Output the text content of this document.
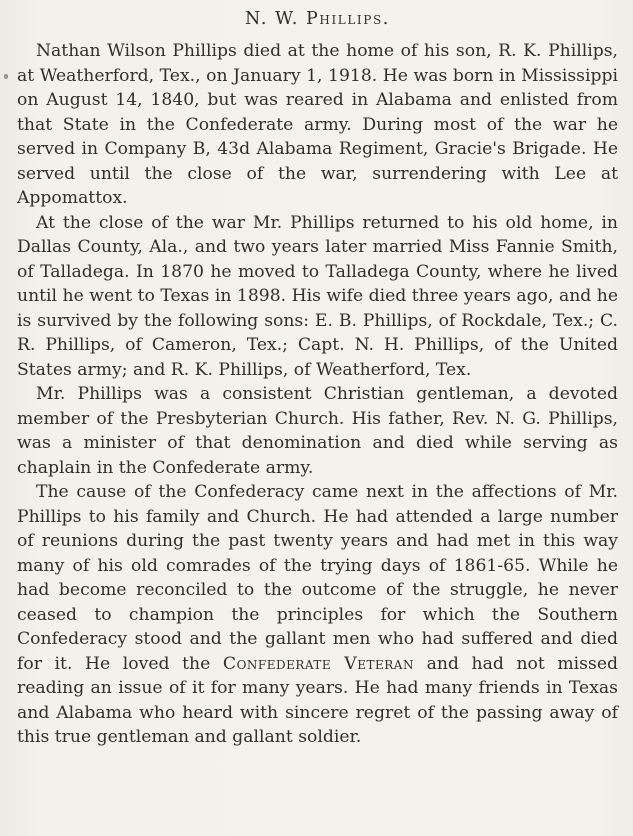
N. W. Phillips.

Nathan Wilson Phillips died at the home of his son, R. K. Phillips, at Weatherford, Tex., on January 1, 1918. He was born in Mississippi on August 14, 1840, but was reared in Alabama and enlisted from that State in the Confederate army. During most of the war he served in Company B, 43d Alabama Regiment, Gracie's Brigade. He served until the close of the war, surrendering with Lee at Appomattox.

At the close of the war Mr. Phillips returned to his old home, in Dallas County, Ala., and two years later married Miss Fannie Smith, of Talladega. In 1870 he moved to Talladega County, where he lived until he went to Texas in 1898. His wife died three years ago, and he is survived by the following sons: E. B. Phillips, of Rockdale, Tex.; C. R. Phillips, of Cameron, Tex.; Capt. N. H. Phillips, of the United States army; and R. K. Phillips, of Weatherford, Tex.

Mr. Phillips was a consistent Christian gentleman, a devoted member of the Presbyterian Church. His father, Rev. N. G. Phillips, was a minister of that denomination and died while serving as chaplain in the Confederate army.

The cause of the Confederacy came next in the affections of Mr. Phillips to his family and Church. He had attended a large number of reunions during the past twenty years and had met in this way many of his old comrades of the trying days of 1861-65. While he had become reconciled to the outcome of the struggle, he never ceased to champion the principles for which the Southern Confederacy stood and the gallant men who had suffered and died for it. He loved the Confederate Veteran and had not missed reading an issue of it for many years. He had many friends in Texas and Alabama who heard with sincere regret of the passing away of this true gentleman and gallant soldier.
